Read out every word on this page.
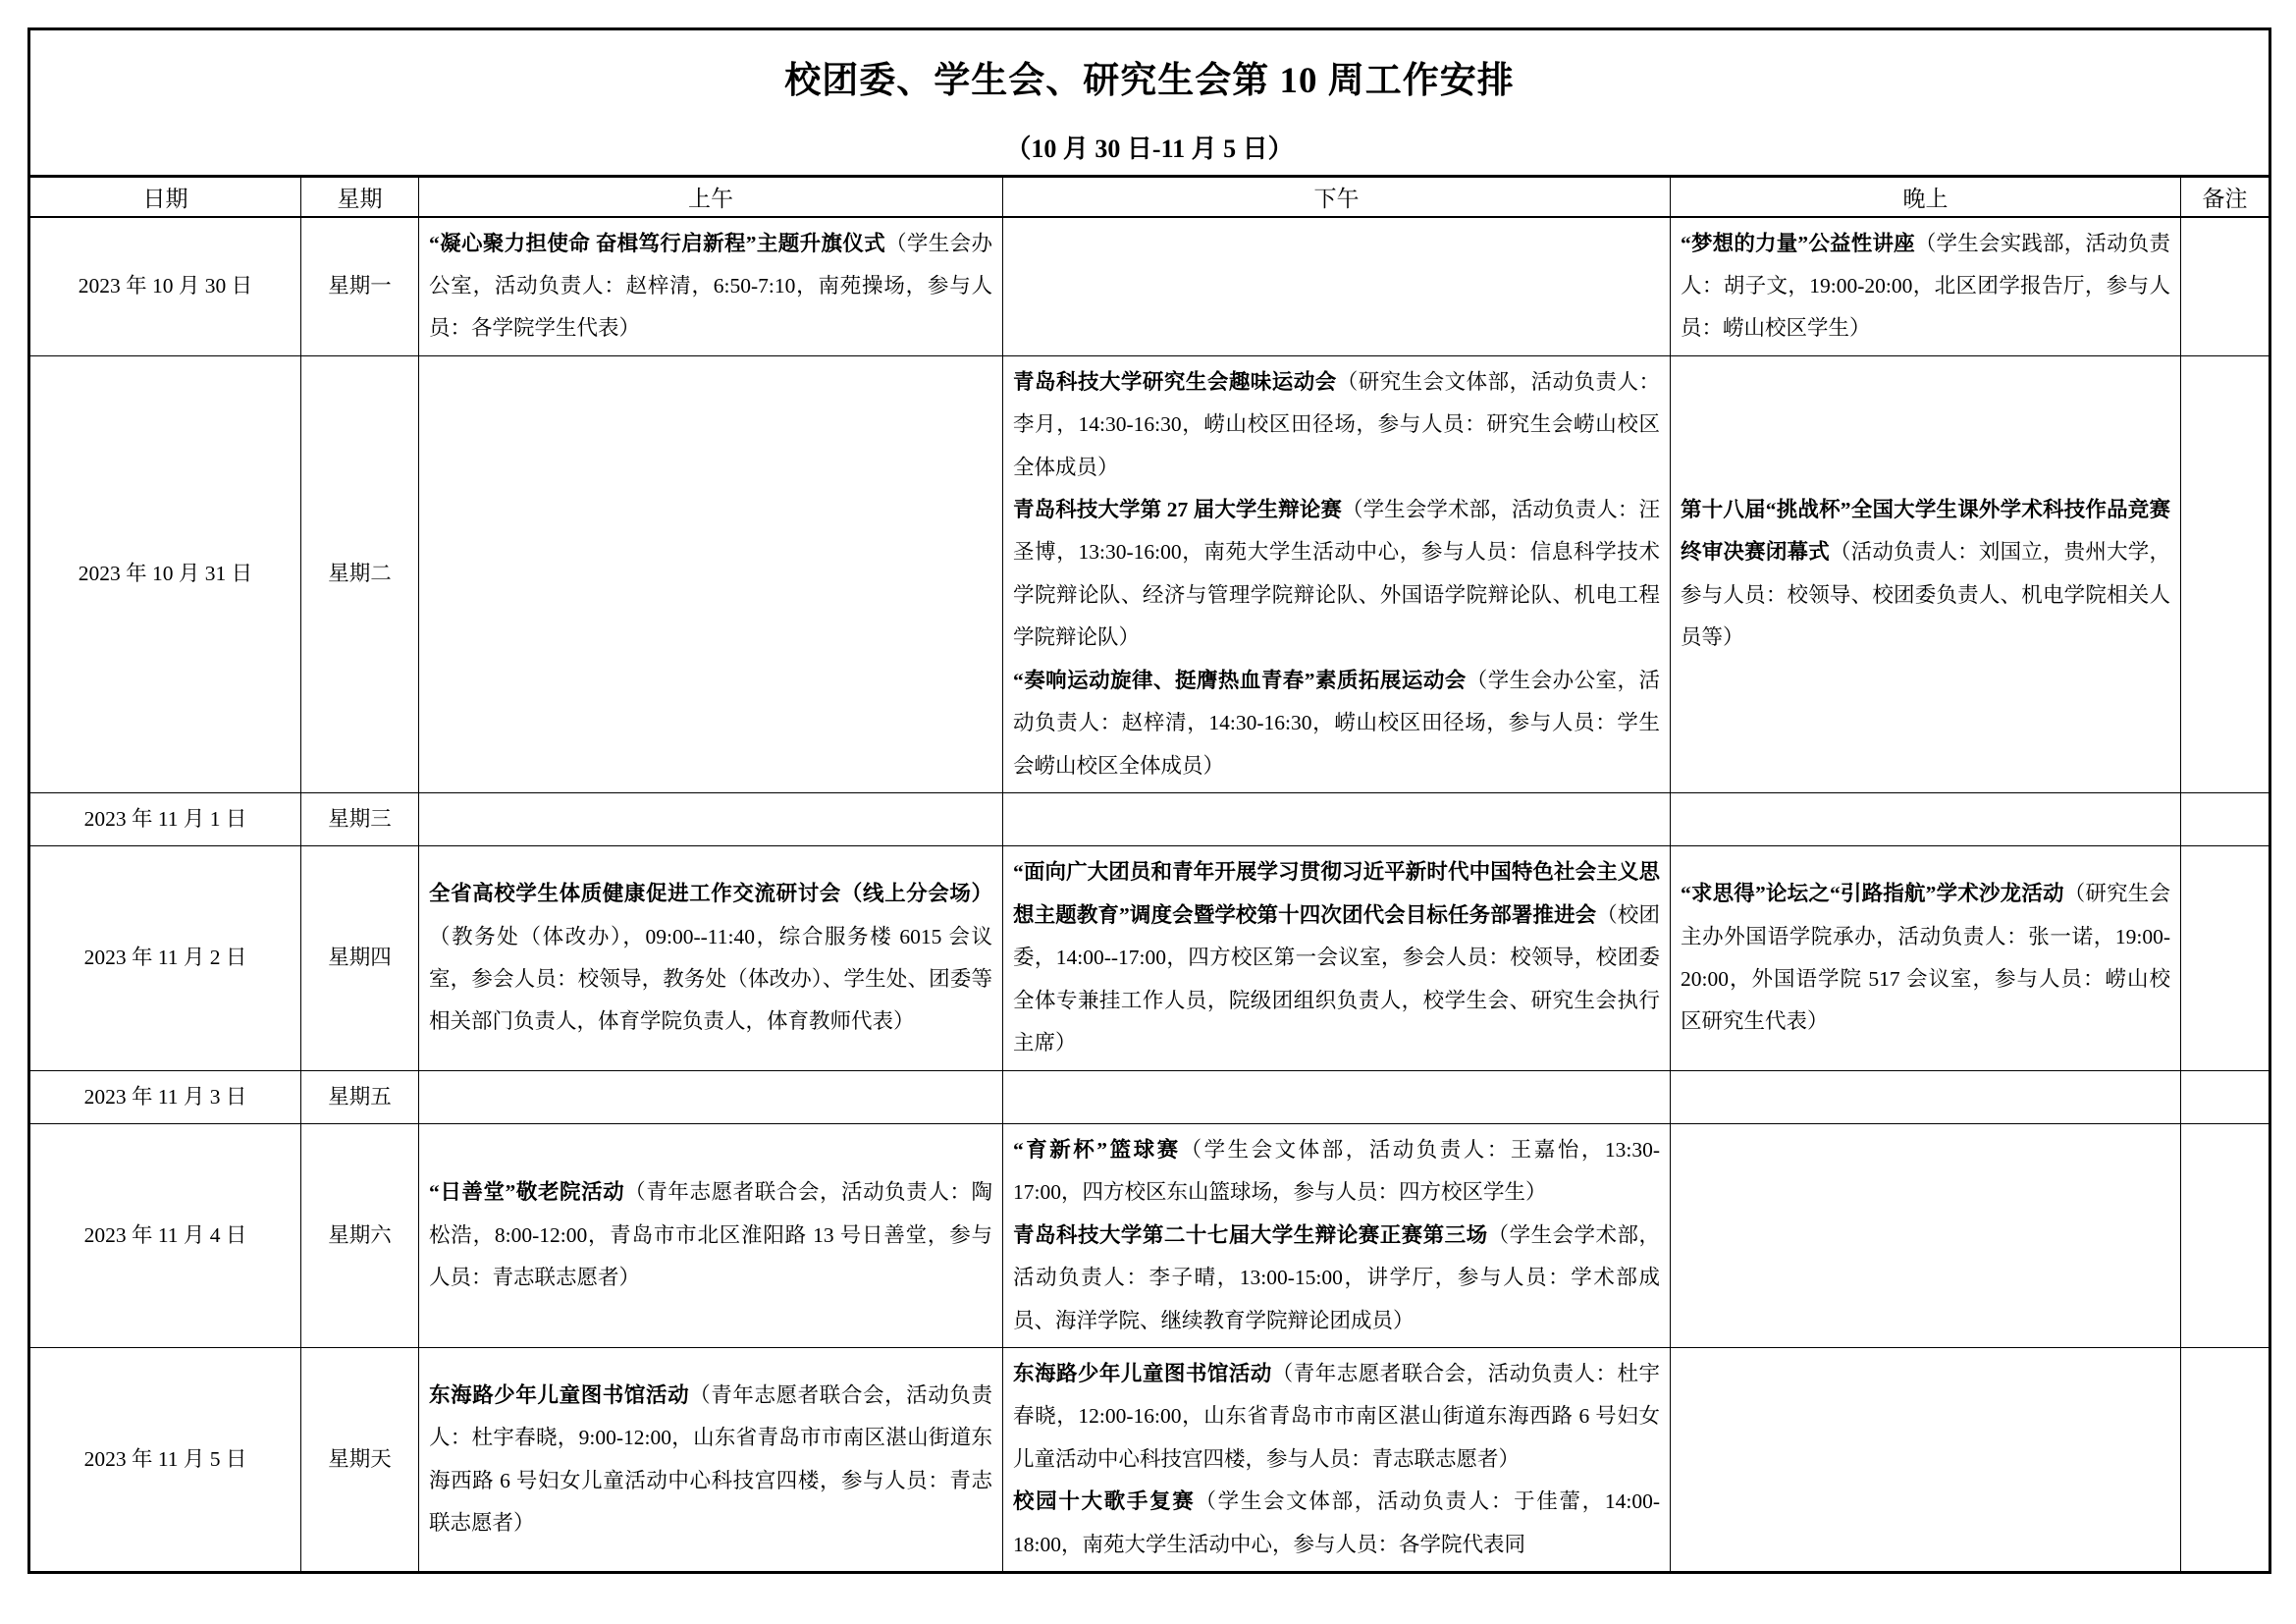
校团委、学生会、研究生会第 10 周工作安排
（10 月 30 日-11 月 5 日）					

日期	星期	上午	下午	晚上	备注
2023 年 10 月 30 日	星期一	“凝心聚力担使命 奋楫笃行启新程”主题升旗仪式（学生会办公室，活动负责人：赵梓清，6:50-7:10，南苑操场，参与人员：各学院学生代表）		“梦想的力量”公益性讲座（学生会实践部，活动负责人：胡子文，19:00-20:00，北区团学报告厅，参与人员：崂山校区学生）	

2023 年 10 月 31 日	星期二		青岛科技大学研究生会趣味运动会（研究生会文体部，活动负责人：李月，14:30-16:30，崂山校区田径场，参与人员：研究生会崂山校区全体成员）

青岛科技大学第 27 届大学生辩论赛（学生会学术部，活动负责人：汪圣博，13:30-16:00，南苑大学生活动中心，参与人员：信息科学技术学院辩论队、经济与管理学院辩论队、外国语学院辩论队、机电工程学院辩论队）

“奏响运动旋律、挺膺热血青春”素质拓展运动会（学生会办公室，活动负责人：赵梓清，14:30-16:30，崂山校区田径场，参与人员：学生会崂山校区全体成员）	第十八届“挑战杯”全国大学生课外学术科技作品竞赛终审决赛闭幕式（活动负责人：刘国立，贵州大学，参与人员：校领导、校团委负责人、机电学院相关人员等）	

2023 年 11 月 1 日	星期三				
2023 年 11 月 2 日	星期四	全省高校学生体质健康促进工作交流研讨会（线上分会场）（教务处（体改办），09:00--11:40，综合服务楼 6015 会议室，参会人员：校领导，教务处（体改办）、学生处、团委等相关部门负责人，体育学院负责人，体育教师代表）	“面向广大团员和青年开展学习贯彻习近平新时代中国特色社会主义思想主题教育”调度会暨学校第十四次团代会目标任务部署推进会（校团委，14:00--17:00，四方校区第一会议室，参会人员：校领导，校团委全体专兼挂工作人员，院级团组织负责人，校学生会、研究生会执行主席）	“求思得”论坛之“引路指航”学术沙龙活动（研究生会主办外国语学院承办，活动负责人：张一诺，19:00-20:00，外国语学院 517 会议室，参与人员：崂山校区研究生代表）	

2023 年 11 月 3 日	星期五				
2023 年 11 月 4 日	星期六	“日善堂”敬老院活动（青年志愿者联合会，活动负责人：陶松浩，8:00-12:00，青岛市市北区淮阳路 13 号日善堂，参与人员：青志联志愿者）	“育新杯”篮球赛（学生会文体部，活动负责人：王嘉怡，13:30-17:00，四方校区东山篮球场，参与人员：四方校区学生）

青岛科技大学第二十七届大学生辩论赛正赛第三场（学生会学术部，活动负责人：李子晴，13:00-15:00，讲学厅，参与人员：学术部成员、海洋学院、继续教育学院辩论团成员）		

2023 年 11 月 5 日	星期天	东海路少年儿童图书馆活动（青年志愿者联合会，活动负责人：杜宇春晓，9:00-12:00，山东省青岛市市南区湛山街道东海西路 6 号妇女儿童活动中心科技宫四楼，参与人员：青志联志愿者）	东海路少年儿童图书馆活动（青年志愿者联合会，活动负责人：杜宇春晓，12:00-16:00，山东省青岛市市南区湛山街道东海西路 6 号妇女儿童活动中心科技宫四楼，参与人员：青志联志愿者）

校园十大歌手复赛（学生会文体部，活动负责人：于佳蕾，14:00-18:00，南苑大学生活动中心，参与人员：各学院代表同		
